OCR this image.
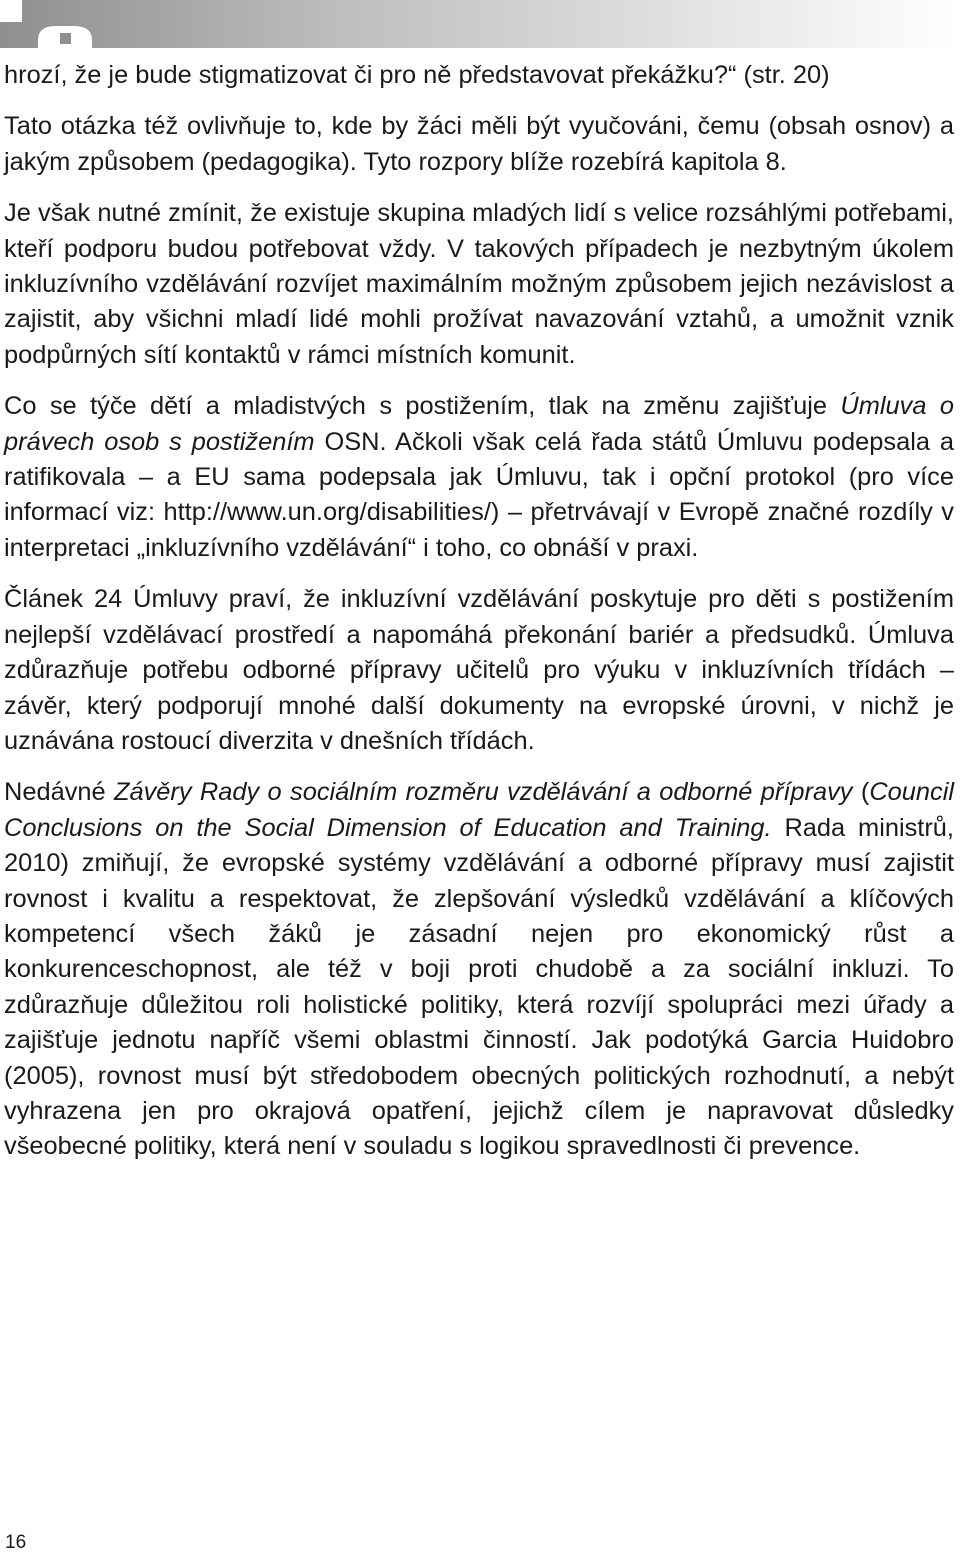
hrozí, že je bude stigmatizovat či pro ně představovat překážku?“ (str. 20)

Tato otázka též ovlivňuje to, kde by žáci měli být vyučováni, čemu (obsah osnov) a jakým způsobem (pedagogika). Tyto rozpory blíže rozebírá kapitola 8.

Je však nutné zmínit, že existuje skupina mladých lidí s velice rozsáhlými potřebami, kteří podporu budou potřebovat vždy. V takových případech je nezbytným úkolem inkluzívního vzdělávání rozvíjet maximálním možným způsobem jejich nezávislost a zajistit, aby všichni mladí lidé mohli prožívat navazování vztahů, a umožnit vznik podpůrných sítí kontaktů v rámci místních komunit.

Co se týče dětí a mladistvých s postižením, tlak na změnu zajišťuje Úmluva o právech osob s postižením OSN. Ačkoli však celá řada států Úmluvu podepsala a ratifikovala – a EU sama podepsala jak Úmluvu, tak i opční protokol (pro více informací viz: http://www.un.org/disabilities/) – přetrvávají v Evropě značné rozdíly v interpretaci „inkluzívního vzdělávání“ i toho, co obnáší v praxi.

Článek 24 Úmluvy praví, že inkluzívní vzdělávání poskytuje pro děti s postižením nejlepší vzdělávací prostředí a napomáhá překonání bariér a předsudků. Úmluva zdůrazňuje potřebu odborné přípravy učitelů pro výuku v inkluzívních třídách – závěr, který podporují mnohé další dokumenty na evropské úrovni, v nichž je uznávána rostoucí diverzita v dnešních třídách.

Nedávné Závěry Rady o sociálním rozměru vzdělávání a odborné přípravy (Council Conclusions on the Social Dimension of Education and Training. Rada ministrů, 2010) zmiňují, že evropské systémy vzdělávání a odborné přípravy musí zajistit rovnost i kvalitu a respektovat, že zlepšování výsledků vzdělávání a klíčových kompetencí všech žáků je zásadní nejen pro ekonomický růst a konkurenceschopnost, ale též v boji proti chudobě a za sociální inkluzi. To zdůrazňuje důležitou roli holistické politiky, která rozvíjí spolupráci mezi úřady a zajišťuje jednotu napříč všemi oblastmi činností. Jak podotýká Garcia Huidobro (2005), rovnost musí být středobodem obecných politických rozhodnutí, a nebýt vyhrazena jen pro okrajová opatření, jejichž cílem je napravovat důsledky všeobecné politiky, která není v souladu s logikou spravedlnosti či prevence.

16
